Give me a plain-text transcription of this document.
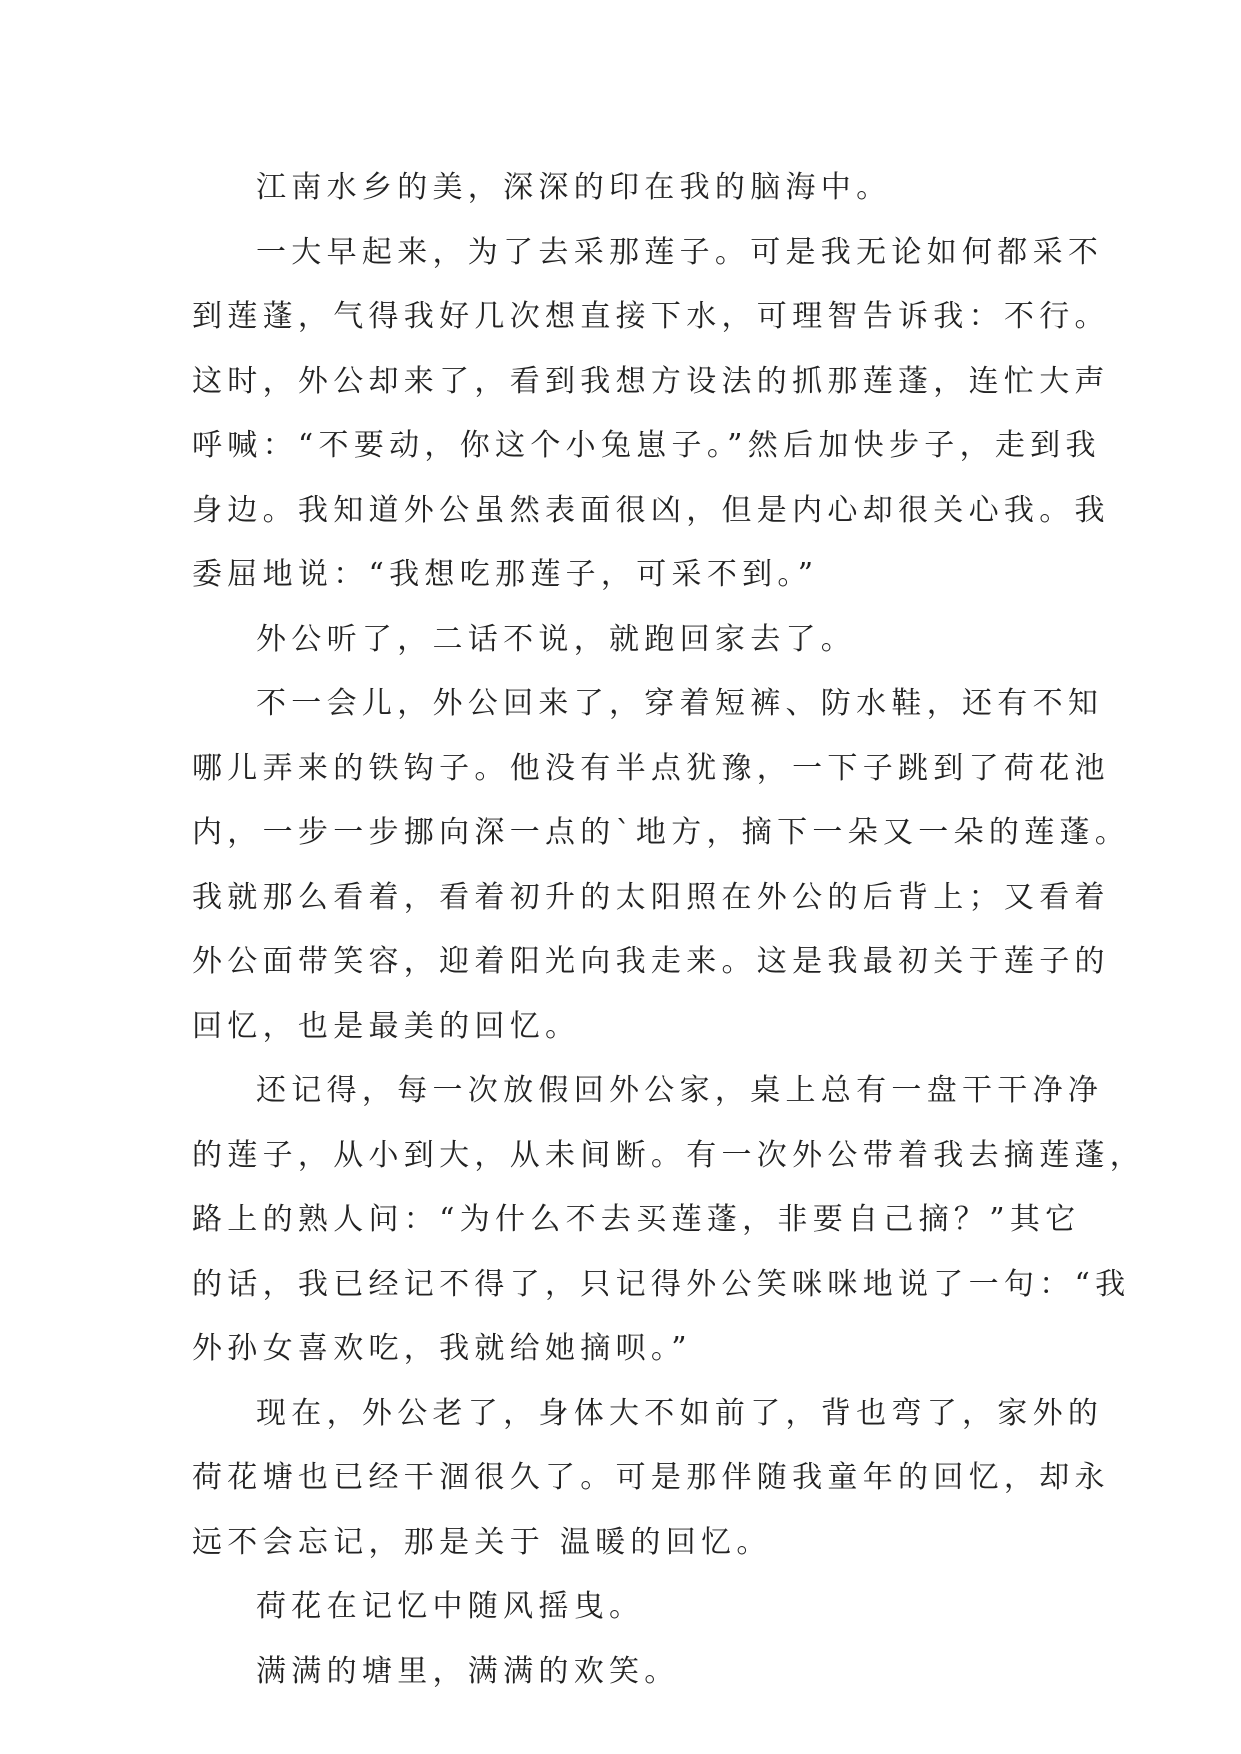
江南水乡的美，深深的印在我的脑海中。

一大早起来，为了去采那莲子。可是我无论如何都采不
到莲蓬，气得我好几次想直接下水，可理智告诉我：不行。
这时，外公却来了，看到我想方设法的抓那莲蓬，连忙大声
呼喊：“不要动，你这个小兔崽子。”然后加快步子，走到我
身边。我知道外公虽然表面很凶，但是内心却很关心我。我
委屈地说：“我想吃那莲子，可采不到。”

外公听了，二话不说，就跑回家去了。

不一会儿，外公回来了，穿着短裤、防水鞋，还有不知
哪儿弄来的铁钩子。他没有半点犹豫，一下子跳到了荷花池
内，一步一步挪向深一点的`地方，摘下一朵又一朵的莲蓬。
我就那么看着，看着初升的太阳照在外公的后背上；又看着
外公面带笑容，迎着阳光向我走来。这是我最初关于莲子的
回忆，也是最美的回忆。

还记得，每一次放假回外公家，桌上总有一盘干干净净
的莲子，从小到大，从未间断。有一次外公带着我去摘莲蓬，
路上的熟人问：“为什么不去买莲蓬，非要自己摘？”其它
的话，我已经记不得了，只记得外公笑咪咪地说了一句：“我
外孙女喜欢吃，我就给她摘呗。”

现在，外公老了，身体大不如前了，背也弯了，家外的
荷花塘也已经干涸很久了。可是那伴随我童年的回忆，却永
远不会忘记，那是关于 温暖的回忆。

荷花在记忆中随风摇曳。

满满的塘里，满满的欢笑。
